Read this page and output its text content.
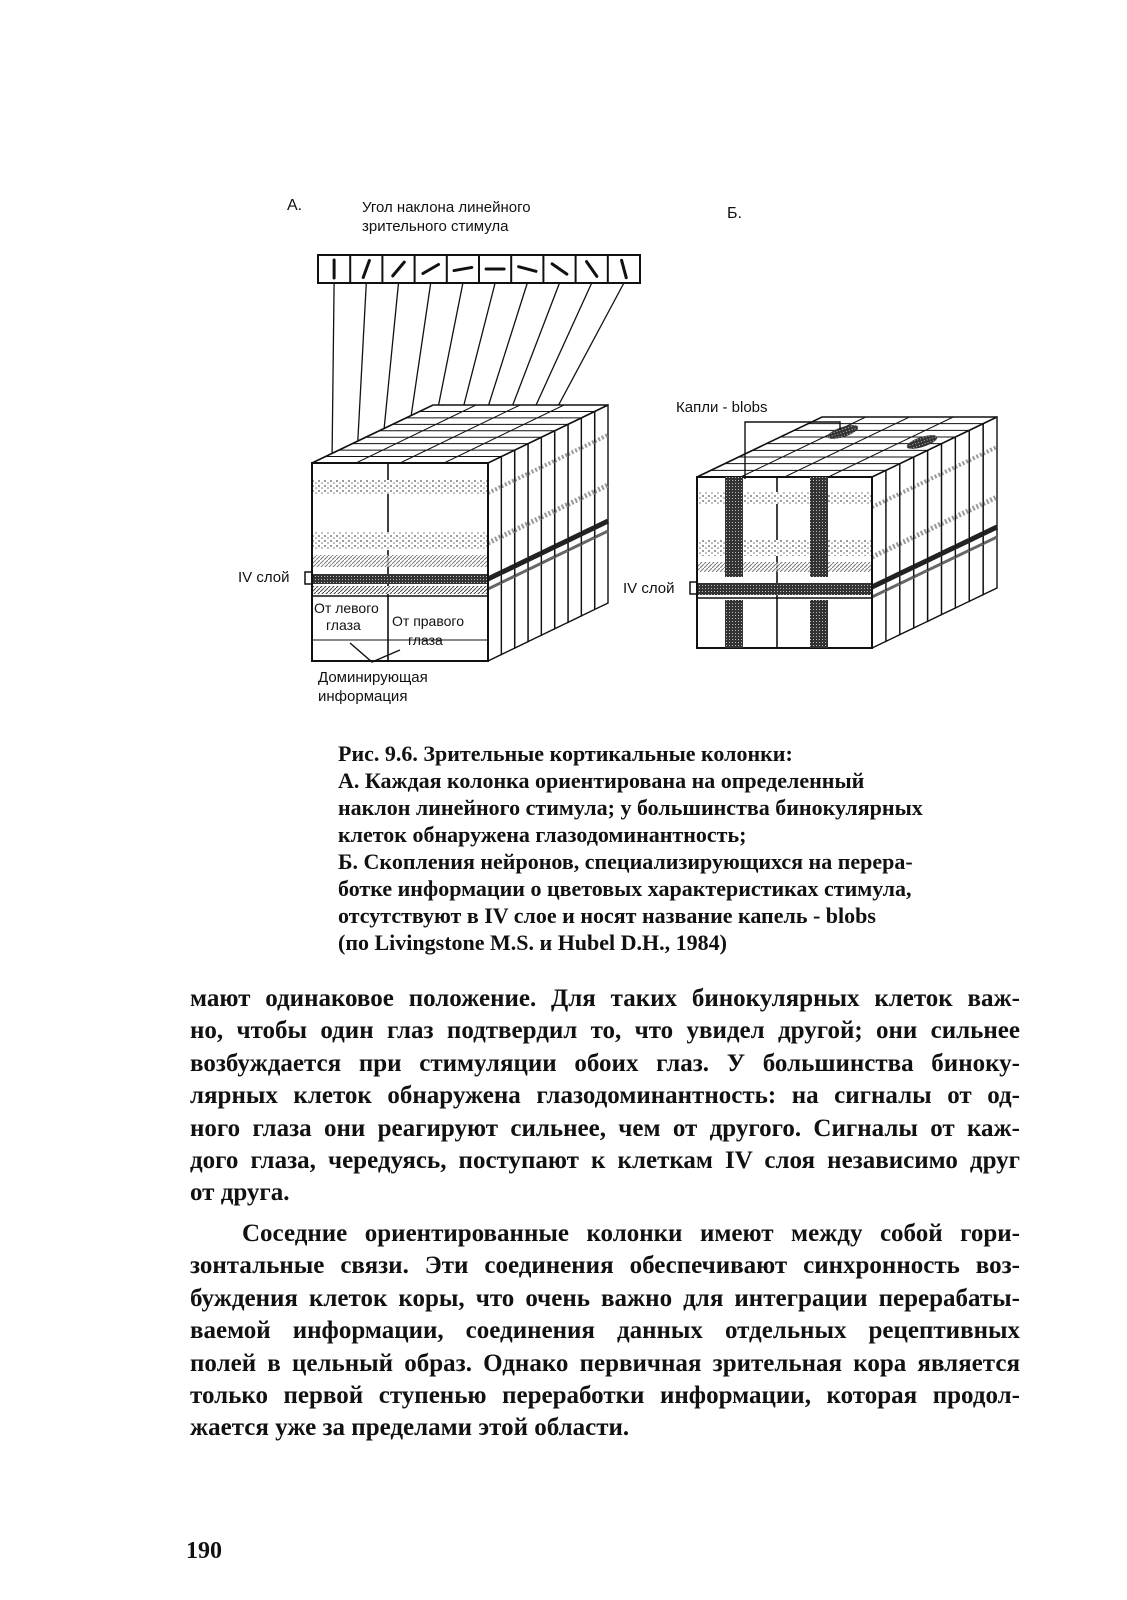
А.	Угол наклона линейного
зрительного стимула
IV слой
От левого
глаза От правого
глаза
Доминирующая
информация
Б.
Капли - blobs
IV слой
Рис. 9.6. Зрительные кортикальные колонки:
А. Каждая колонка ориентирована на определенный
наклон линейного стимула; у большинства бинокулярных
клеток обнаружена глазодоминантность;
Б. Скопления нейронов, специализирующихся на перера-
ботке информации о цветовых характеристиках стимула,
отсутствуют в IV слое и носят название капель - blobs
(по Livingstone M.S. и Hubel D.H., 1984)
мают одинаковое положение. Для таких бинокулярных клеток важ-
но, чтобы один глаз подтвердил то, что увидел другой; они сильнее
возбуждается при стимуляции обоих глаз. У большинства биноку-
лярных клеток обнаружена глазодоминантность: на сигналы от од-
ного глаза они реагируют сильнее, чем от другого. Сигналы от каж-
дого глаза, чередуясь, поступают к клеткам IV слоя независимо друг
от друга.
Соседние ориентированные колонки имеют между собой гори-
зонтальные связи. Эти соединения обеспечивают синхронность воз-
буждения клеток коры, что очень важно для интеграции перерабаты-
ваемой информации, соединения данных отдельных рецептивных
полей в цельный образ. Однако первичная зрительная кора является
только первой ступенью переработки информации, которая продол-
жается уже за пределами этой области.
190
